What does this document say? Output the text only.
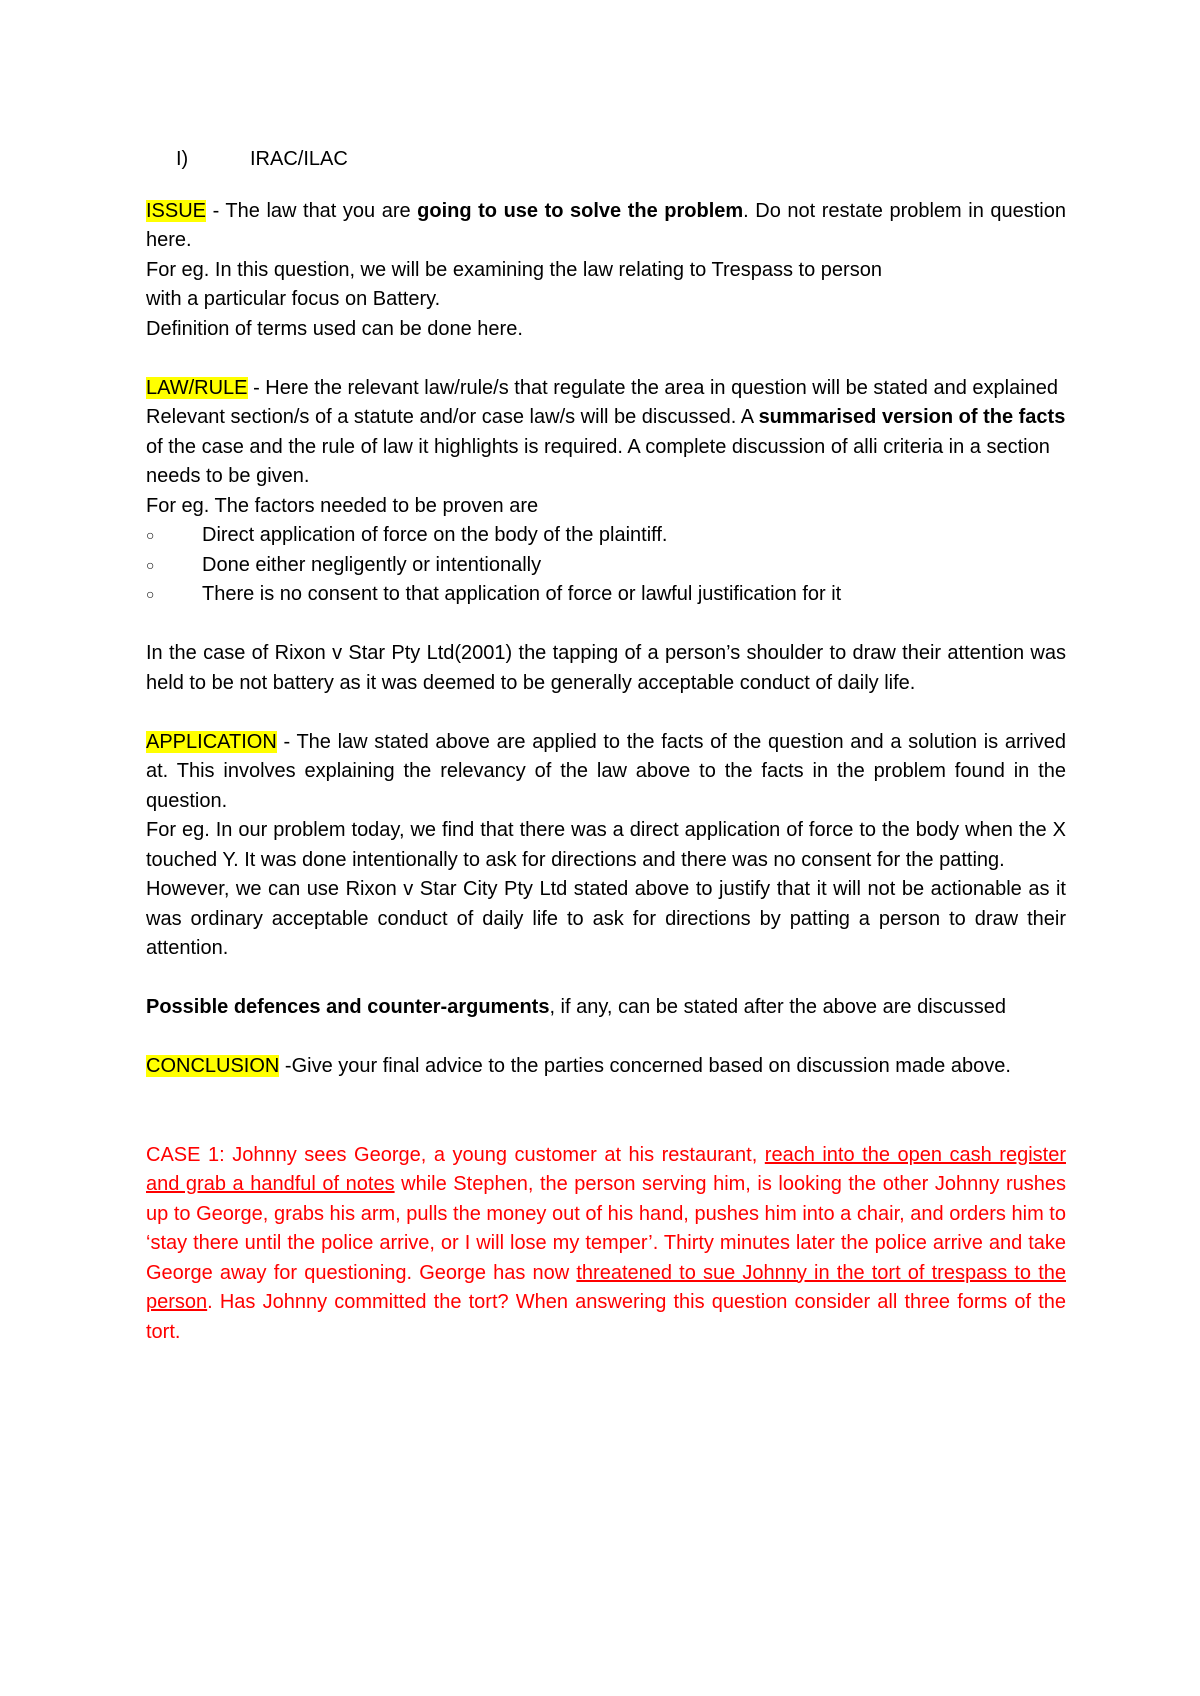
I)	IRAC/ILAC

ISSUE - The law that you are going to use to solve the problem. Do not restate problem in question here.

For eg. In this question, we will be examining the law relating to Trespass to person

with a particular focus on Battery.

Definition of terms used can be done here.

LAW/RULE - Here the relevant law/rule/s that regulate the area in question will be stated and explained

Relevant section/s of a statute and/or case law/s will be discussed. A summarised version of the facts of the case and the rule of law it highlights is required. A complete discussion of alli criteria in a section needs to be given.

For eg. The factors needed to be proven are

○	Direct application of force on the body of the plaintiff.
○	Done either negligently or intentionally
○	There is no consent to that application of force or lawful justification for it

In the case of Rixon v Star Pty Ltd(2001) the tapping of a person’s shoulder to draw their attention was held to be not battery as it was deemed to be generally acceptable conduct of daily life.

APPLICATION - The law stated above are applied to the facts of the question and a solution is arrived at. This involves explaining the relevancy of the law above to the facts in the problem found in the question.

For eg. In our problem today, we find that there was a direct application of force to the body when the X touched Y. It was done intentionally to ask for directions and there was no consent for the patting.

However, we can use Rixon v Star City Pty Ltd stated above to justify that it will not be actionable as it was ordinary acceptable conduct of daily life to ask for directions by patting a person to draw their attention.

Possible defences and counter-arguments, if any, can be stated after the above are discussed

CONCLUSION -Give your final advice to the parties concerned based on discussion made above.

CASE 1: Johnny sees George, a young customer at his restaurant, reach into the open cash register and grab a handful of notes while Stephen, the person serving him, is looking the other Johnny rushes up to George, grabs his arm, pulls the money out of his hand, pushes him into a chair, and orders him to ‘stay there until the police arrive, or I will lose my temper’. Thirty minutes later the police arrive and take George away for questioning. George has now threatened to sue Johnny in the tort of trespass to the person. Has Johnny committed the tort? When answering this question consider all three forms of the tort.
